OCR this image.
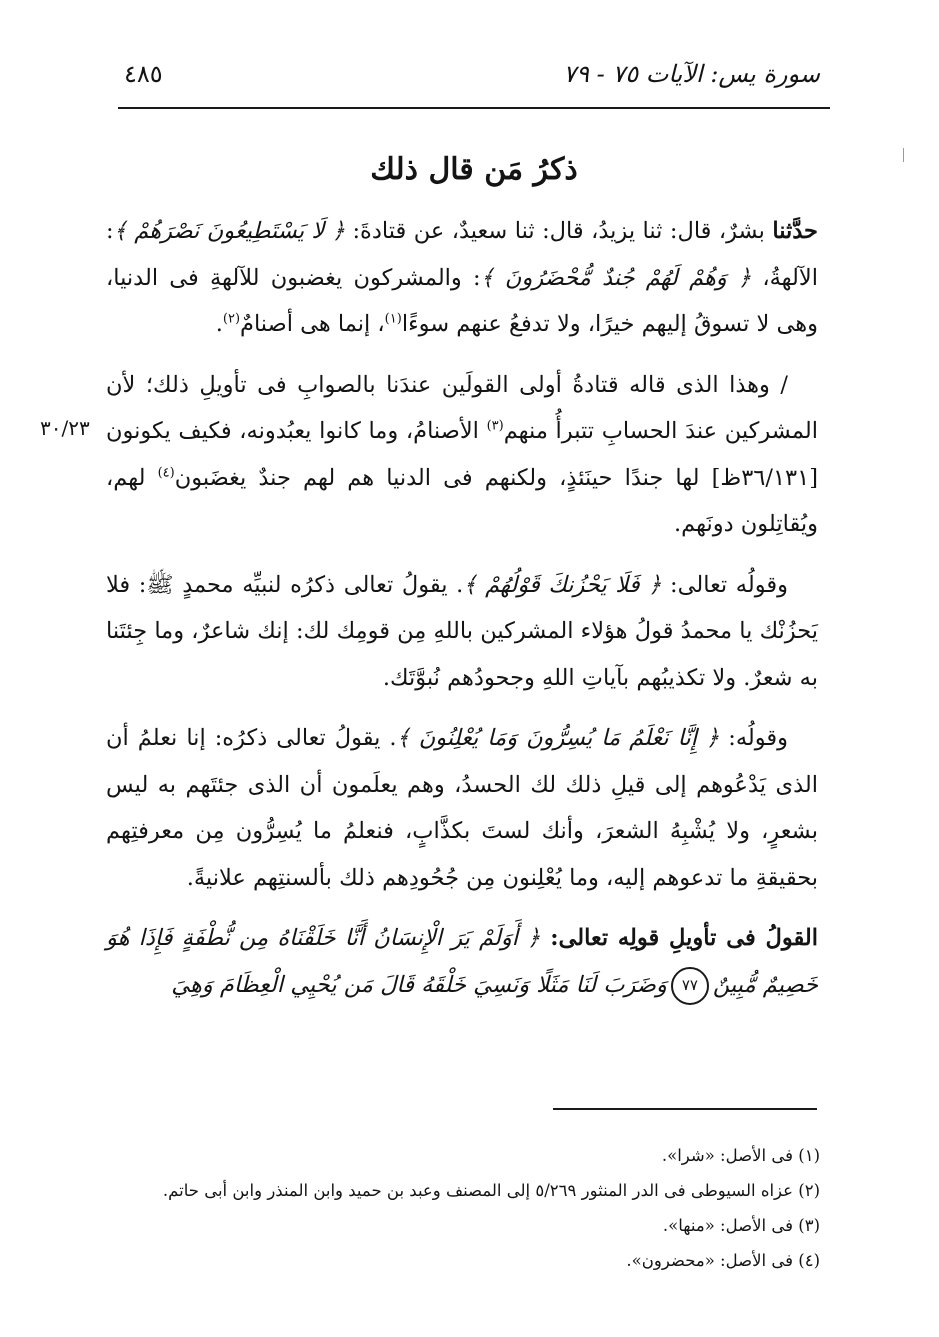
سورة يس: الآيات ٧٥ - ٧٩
٤٨٥
ذكرُ مَن قال ذلك

حدَّثنا بشرٌ، قال: ثنا يزيدُ، قال: ثنا سعيدٌ، عن قتادةَ: ﴿ لَا يَسْتَطِيعُونَ نَصْرَهُمْ ﴾: الآلهةُ، ﴿ وَهُمْ لَهُمْ جُندٌ مُّحْضَرُونَ ﴾: والمشركون يغضبون للآلهةِ فى الدنيا، وهى لا تسوقُ إليهم خيرًا، ولا تدفعُ عنهم سوءًا$^{(١)}$، إنما هى أصنامٌ$^{(٢)}$.

/ وهذا الذى قاله قتادةُ أولى القولَين عندَنا بالصوابِ فى تأويلِ ذلك؛ لأن المشركين عندَ الحسابِ تتبرأُ منهم$^{(٣)}$ الأصنامُ، وما كانوا يعبُدونه، فكيف يكونون [٣٦/١٣١ظ] لها جندًا حينَئذٍ، ولكنهم فى الدنيا هم لهم جندٌ يغضَبون$^{(٤)}$ لهم، ويُقاتِلون دونَهم.

وقولُه تعالى: ﴿ فَلَا يَحْزُنكَ قَوْلُهُمْ ﴾. يقولُ تعالى ذكرُه لنبيِّه محمدٍ ﷺ: فلا يَحزُنْك يا محمدُ قولُ هؤلاء المشركين باللهِ مِن قومِك لك: إنك شاعرٌ، وما جِئتَنا به شعرٌ. ولا تكذيبُهم بآياتِ اللهِ وجحودُهم نُبوَّتَك.

وقولُه: ﴿ إِنَّا نَعْلَمُ مَا يُسِرُّونَ وَمَا يُعْلِنُونَ ﴾. يقولُ تعالى ذكرُه: إنا نعلمُ أن الذى يَدْعُوهم إلى قيلِ ذلك لك الحسدُ، وهم يعلَمون أن الذى جئتَهم به ليس بشعرٍ، ولا يُشْبِهُ الشعرَ، وأنك لستَ بكذَّابٍ، فنعلمُ ما يُسِرُّون مِن معرفتِهم بحقيقةِ ما تدعوهم إليه، وما يُعْلِنون مِن جُحُودِهم ذلك بألسنتِهم علانيةً.

القولُ فى تأويلِ قولِه تعالى: ﴿ أَوَلَمْ يَرَ الْإِنسَانُ أَنَّا خَلَقْنَاهُ مِن نُّطْفَةٍ فَإِذَا هُوَ خَصِيمٌ مُّبِينٌ٧٧وَضَرَبَ لَنَا مَثَلًا وَنَسِيَ خَلْقَهُ قَالَ مَن يُحْيِي الْعِظَامَ وَهِيَ

٣٠/٢٣
(١) فى الأصل: «شرا».
(٢) عزاه السيوطى فى الدر المنثور ٥/٢٦٩ إلى المصنف وعبد بن حميد وابن المنذر وابن أبى حاتم.
(٣) فى الأصل: «منها».
(٤) فى الأصل: «محضرون».
